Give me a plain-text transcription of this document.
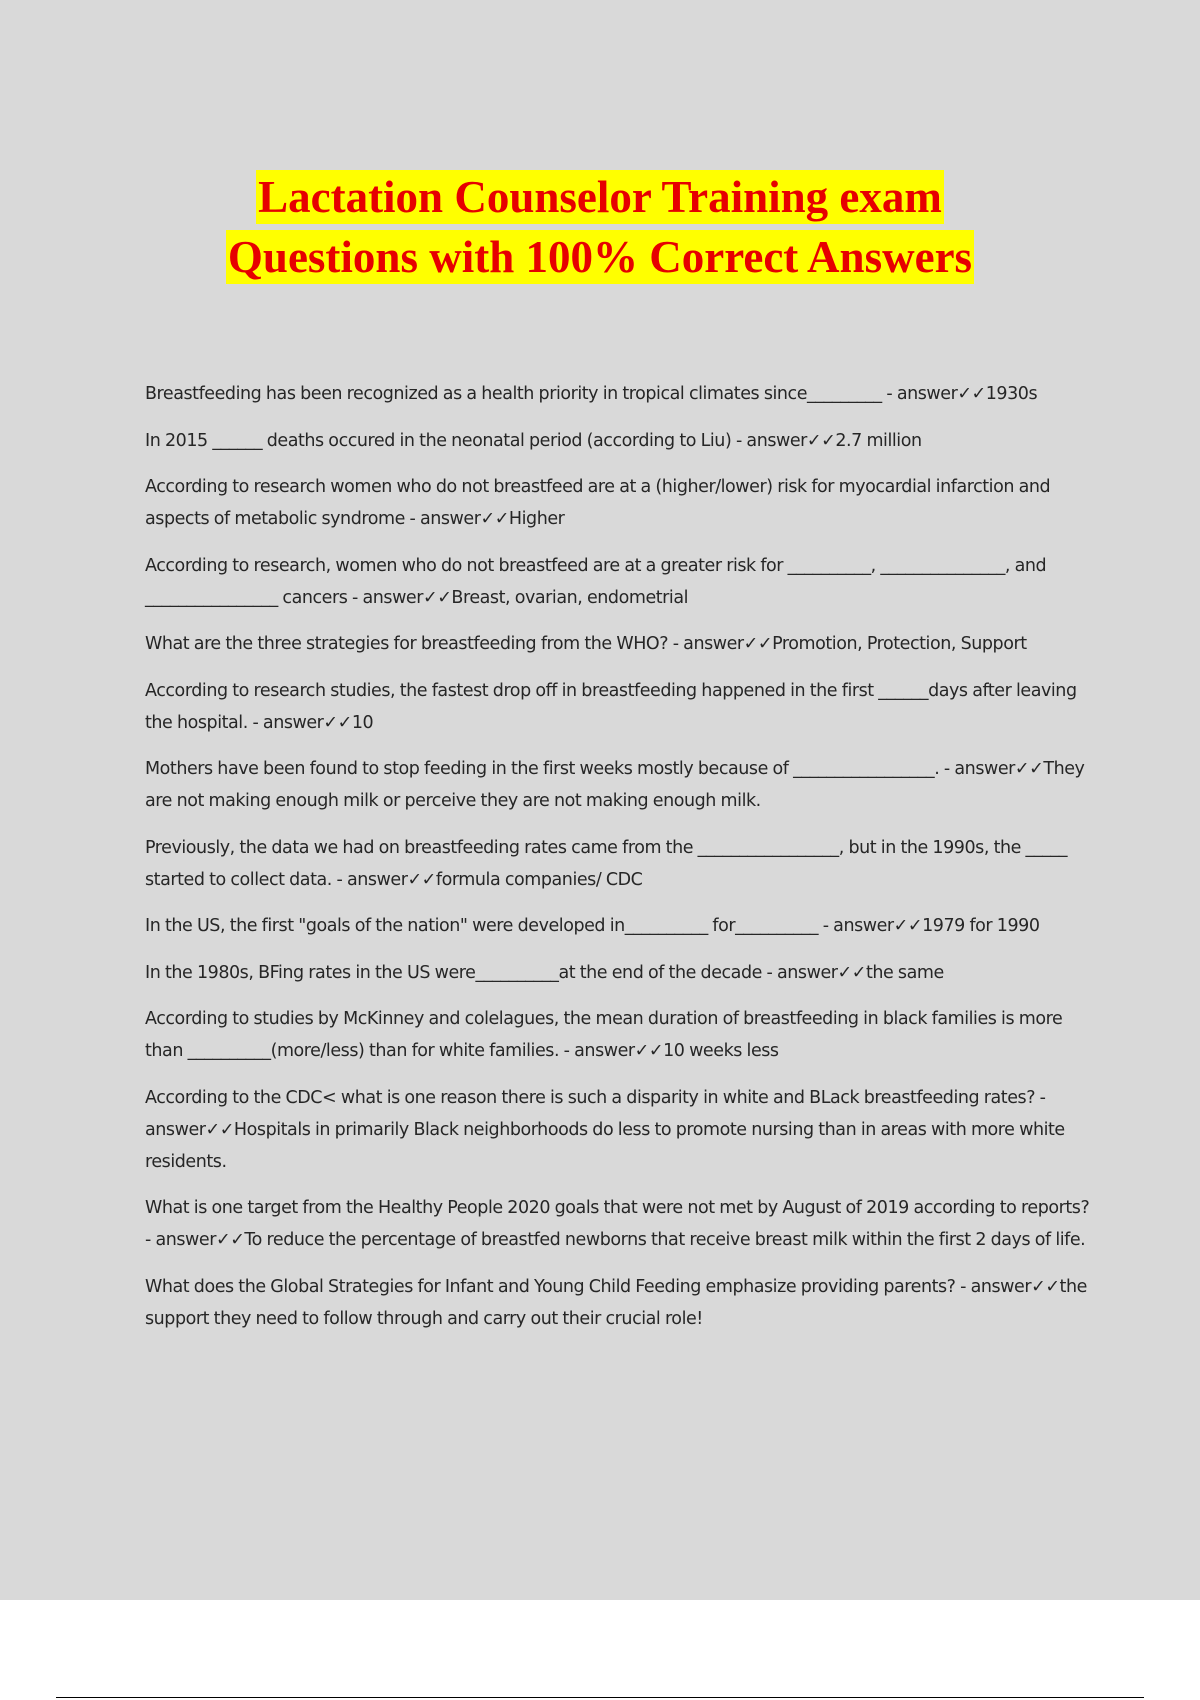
Lactation Counselor Training exam
Questions with 100% Correct Answers

Breastfeeding has been recognized as a health priority in tropical climates since_________ - answer✓✓1930s

In 2015 ______ deaths occured in the neonatal period (according to Liu) - answer✓✓2.7 million

According to research women who do not breastfeed are at a (higher/lower) risk for myocardial infarction and aspects of metabolic syndrome - answer✓✓Higher

According to research, women who do not breastfeed are at a greater risk for __________, _______________, and ________________ cancers - answer✓✓Breast, ovarian, endometrial

What are the three strategies for breastfeeding from the WHO? - answer✓✓Promotion, Protection, Support

According to research studies, the fastest drop off in breastfeeding happened in the first ______days after leaving the hospital. - answer✓✓10

Mothers have been found to stop feeding in the first weeks mostly because of _________________. - answer✓✓They are not making enough milk or perceive they are not making enough milk.

Previously, the data we had on breastfeeding rates came from the _________________, but in the 1990s, the _____ started to collect data. - answer✓✓formula companies/ CDC

In the US, the first "goals of the nation" were developed in__________ for__________ - answer✓✓1979 for 1990

In the 1980s, BFing rates in the US were__________at the end of the decade - answer✓✓the same

According to studies by McKinney and colelagues, the mean duration of breastfeeding in black families is more than __________(more/less) than for white families. - answer✓✓10 weeks less

According to the CDC< what is one reason there is such a disparity in white and BLack breastfeeding rates? - answer✓✓Hospitals in primarily Black neighborhoods do less to promote nursing than in areas with more white residents.

What is one target from the Healthy People 2020 goals that were not met by August of 2019 according to reports? - answer✓✓To reduce the percentage of breastfed newborns that receive breast milk within the first 2 days of life.

What does the Global Strategies for Infant and Young Child Feeding emphasize providing parents? - answer✓✓the support they need to follow through and carry out their crucial role!
